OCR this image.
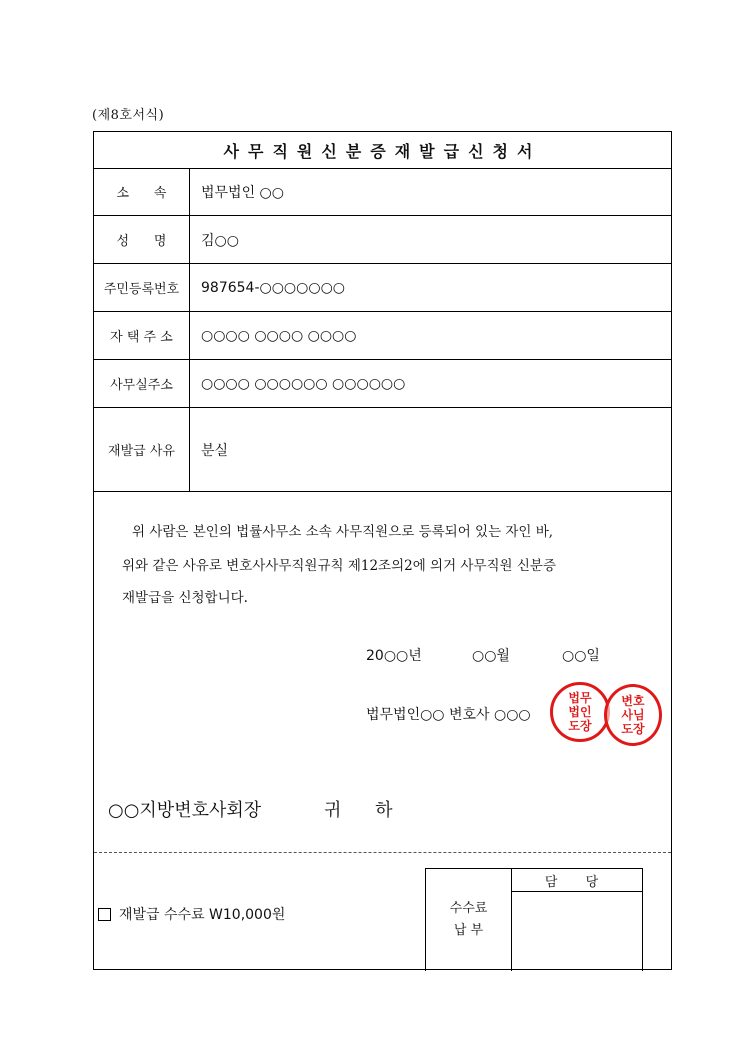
(제8호서식)
사무직원신분증재발급신청서
소      속	법무법인 ○○
성      명	김○○
주민등록번호	987654-○○○○○○○
자 택 주 소	○○○○ ○○○○ ○○○○
사무실주소	○○○○ ○○○○○○ ○○○○○○
재발급 사유	분실
위 사람은 본인의 법률사무소 소속 사무직원으로 등록되어 있는 자인 바,
위와 같은 사유로 변호사사무직원규칙 제12조의2에 의거 사무직원 신분증
재발급을 신청합니다.
20○○년	○○월	○○일
법무법인○○ 변호사 ○○○
법무
법인
도장
변호
사님
도장
○○지방변호사회장	귀 하
재발급 수수료 W10,000원	수수료
납 부
담 당
